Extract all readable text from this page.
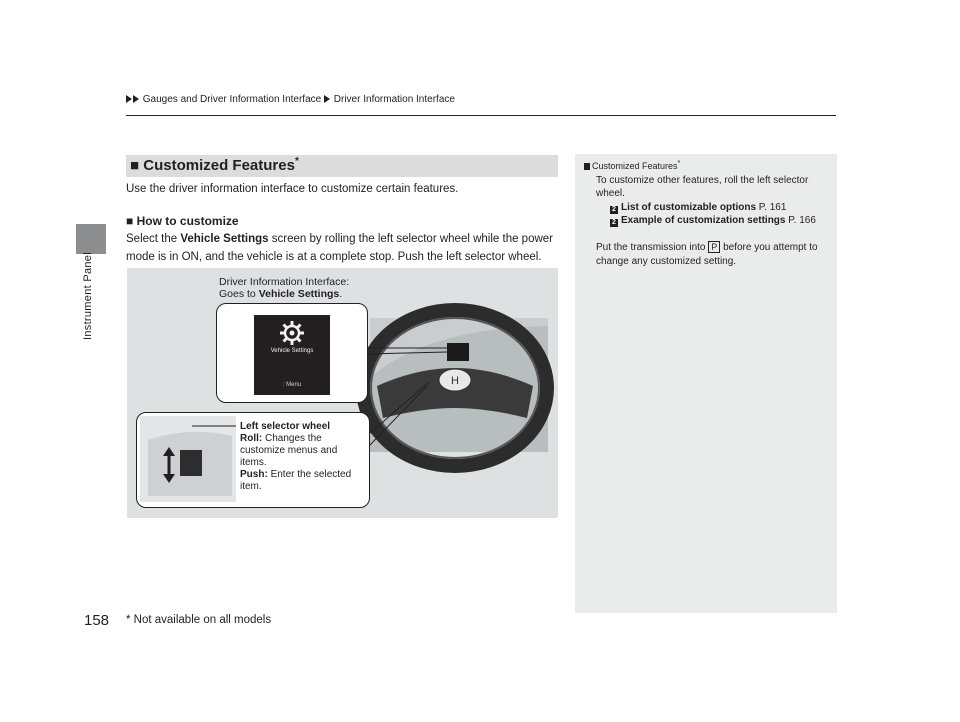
Instrument Panel
Gauges and Driver Information Interface Driver Information Interface
■ Customized Features*
Use the driver information interface to customize certain features.
■ How to customize
Select the Vehicle Settings screen by rolling the left selector wheel while the power mode is in ON, and the vehicle is at a complete stop. Push the left selector wheel.
H
Driver Information Interface:
Goes to Vehicle Settings.
Vehicle Settings
: Menu
Left selector wheel
Roll: Changes the customize menus and items.
Push: Enter the selected item.
Customized Features*
To customize other features, roll the left selector wheel.
2 List of customizable options P. 161
2 Example of customization settings P. 166
Put the transmission into P before you attempt to change any customized setting.
158 * Not available on all models
